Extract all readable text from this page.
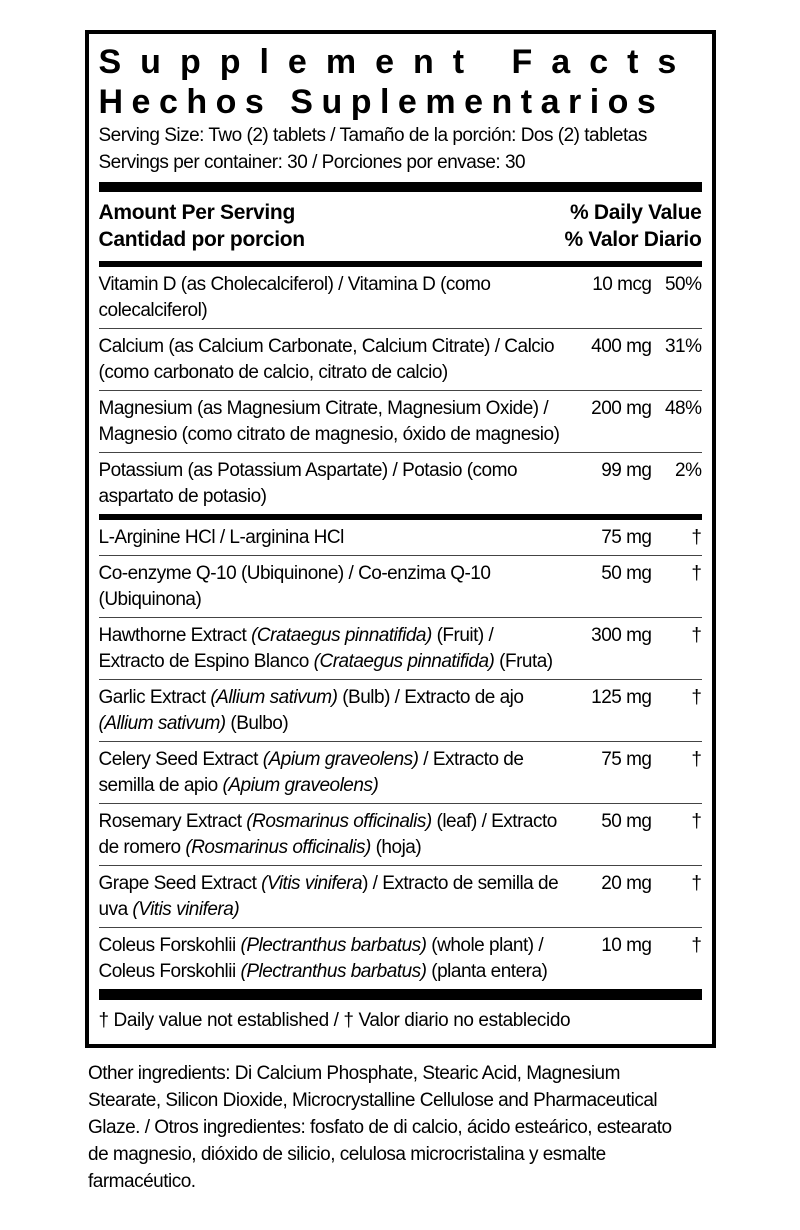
Supplement Facts
Hechos Suplementarios
Serving Size: Two (2) tablets / Tamaño de la porción: Dos (2) tabletas
Servings per container: 30 / Porciones por envase: 30
Amount Per Serving
Cantidad por porcion
% Daily Value
% Valor Diario
Vitamin D (as Cholecalciferol) / Vitamina D (como colecalciferol)
10 mcg 50%
Calcium (as Calcium Carbonate, Calcium Citrate) / Calcio (como carbonato de calcio, citrato de calcio)
400 mg 31%
Magnesium (as Magnesium Citrate, Magnesium Oxide) / Magnesio (como citrato de magnesio, óxido de magnesio)
200 mg 48%
Potassium (as Potassium Aspartate) / Potasio (como aspartato de potasio)
99 mg	2%
L-Arginine HCl / L-arginina HCl	75 mg	†
Co-enzyme Q-10 (Ubiquinone) / Co-enzima Q-10 (Ubiquinona)
50 mg	†
Hawthorne Extract (Crataegus pinnatifida) (Fruit) / Extracto de Espino Blanco (Crataegus pinnatifida) (Fruta)
300 mg	†
Garlic Extract (Allium sativum) (Bulb) / Extracto de ajo (Allium sativum) (Bulbo)
125 mg	†
Celery Seed Extract (Apium graveolens) / Extracto de semilla de apio (Apium graveolens)
75 mg	†
Rosemary Extract (Rosmarinus officinalis) (leaf) / Extracto de romero (Rosmarinus officinalis) (hoja)
50 mg	†
Grape Seed Extract (Vitis vinifera) / Extracto de semilla de uva (Vitis vinifera)
20 mg	†
Coleus Forskohlii (Plectranthus barbatus) (whole plant) / Coleus Forskohlii (Plectranthus barbatus) (planta entera)
10 mg	†
† Daily value not established / † Valor diario no establecido
Other ingredients: Di Calcium Phosphate, Stearic Acid, Magnesium Stearate, Silicon Dioxide, Microcrystalline Cellulose and Pharmaceutical Glaze. / Otros ingredientes: fosfato de di calcio, ácido esteárico, estearato de magnesio, dióxido de silicio, celulosa microcristalina y esmalte farmacéutico.
